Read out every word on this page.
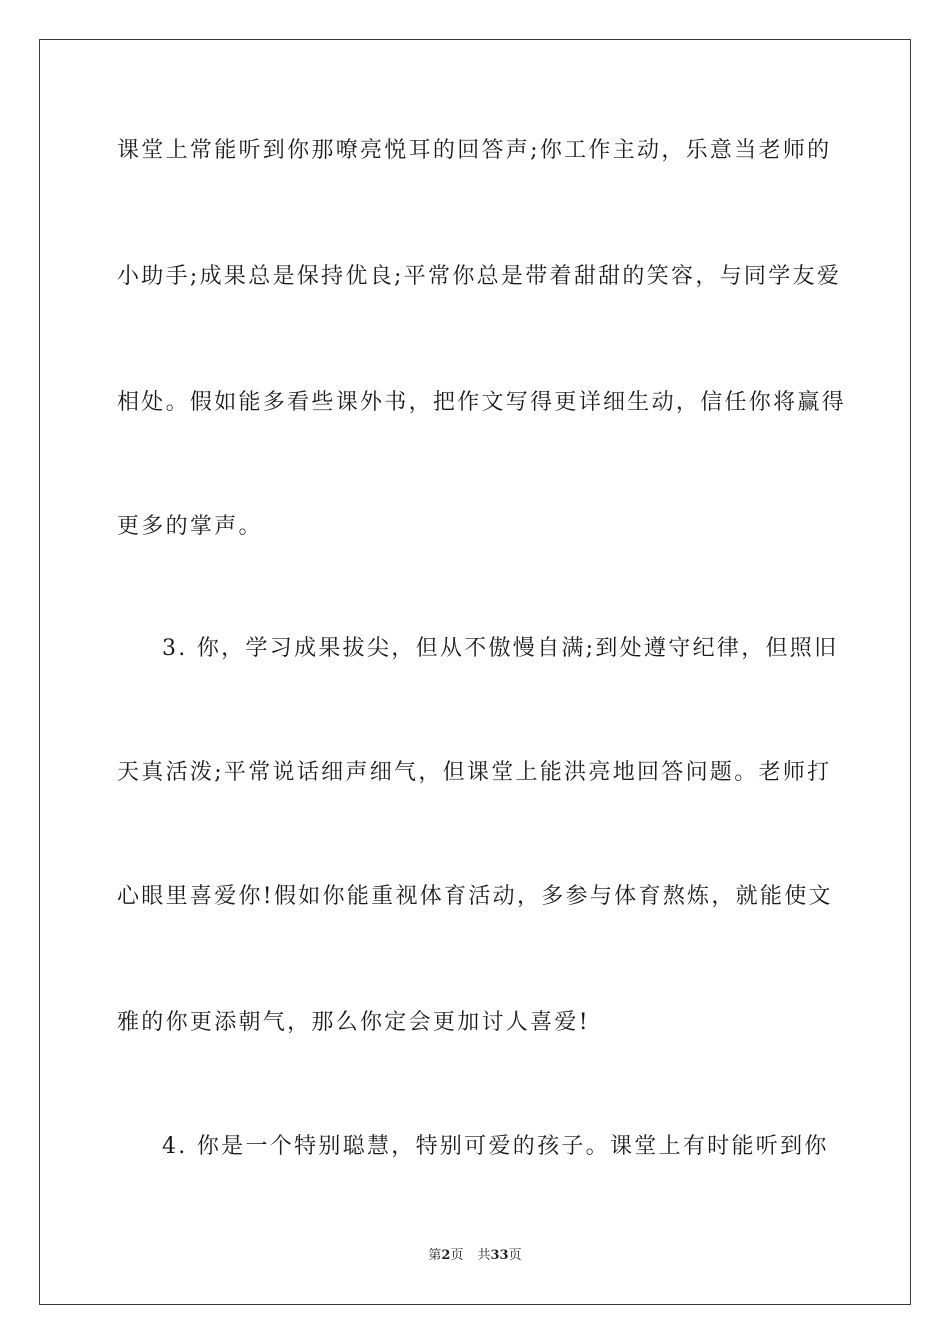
课堂上常能听到你那嘹亮悦耳的回答声;你工作主动，乐意当老师的
小助手;成果总是保持优良;平常你总是带着甜甜的笑容，与同学友爱
相处。假如能多看些课外书，把作文写得更详细生动，信任你将赢得
更多的掌声。
3. 你，学习成果拔尖，但从不傲慢自满;到处遵守纪律，但照旧
天真活泼;平常说话细声细气，但课堂上能洪亮地回答问题。老师打
心眼里喜爱你!假如你能重视体育活动，多参与体育熬炼，就能使文
雅的你更添朝气，那么你定会更加讨人喜爱!
4. 你是一个特别聪慧，特别可爱的孩子。课堂上有时能听到你
第2页 共33页
